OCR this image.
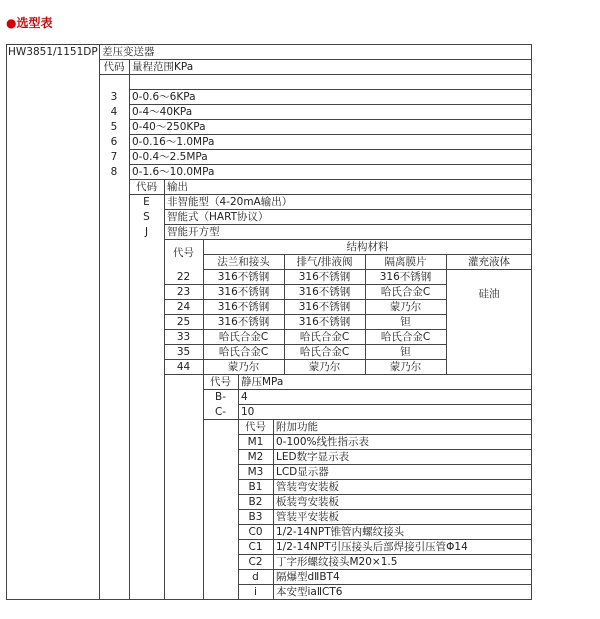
●选型表
HW3851/1151DP 差压变送器
代码 量程范围KPa
3	0-0.6～6KPa
4	0-4～40KPa
5	0-40～250KPa
6	0-0.16～1.0MPa
7	0-0.4～2.5MPa
8	0-1.6～10.0MPa
代码 输出
E	非智能型（4-20mA输出）
S	智能式（HART协议）
J	智能开方型
代号	结构材料
法兰和接头	排气/排液阀	隔离膜片	灌充液体
硅油
22	316不锈钢	316不锈钢	316不锈钢
23	316不锈钢	316不锈钢	哈氏合金C
24	316不锈钢	316不锈钢	蒙乃尔
25	316不锈钢	316不锈钢	钽
33	哈氏合金C	哈氏合金C	哈氏合金C
35	哈氏合金C	哈氏合金C	钽
44	蒙乃尔	蒙乃尔	蒙乃尔
代号 静压MPa
B-	4
C-	10
代号 附加功能
M1	0-100%线性指示表
M2	LED数字显示表
M3	LCD显示器
B1	管装弯安装板
B2	板装弯安装板
B3	管装平安装板
C0	1/2-14NPT锥管内螺纹接头
C1	1/2-14NPT引压接头后部焊接引压管Φ14
C2	丁字形螺纹接头M20×1.5
d	隔爆型dⅡBT4
i	本安型iaⅡCT6
